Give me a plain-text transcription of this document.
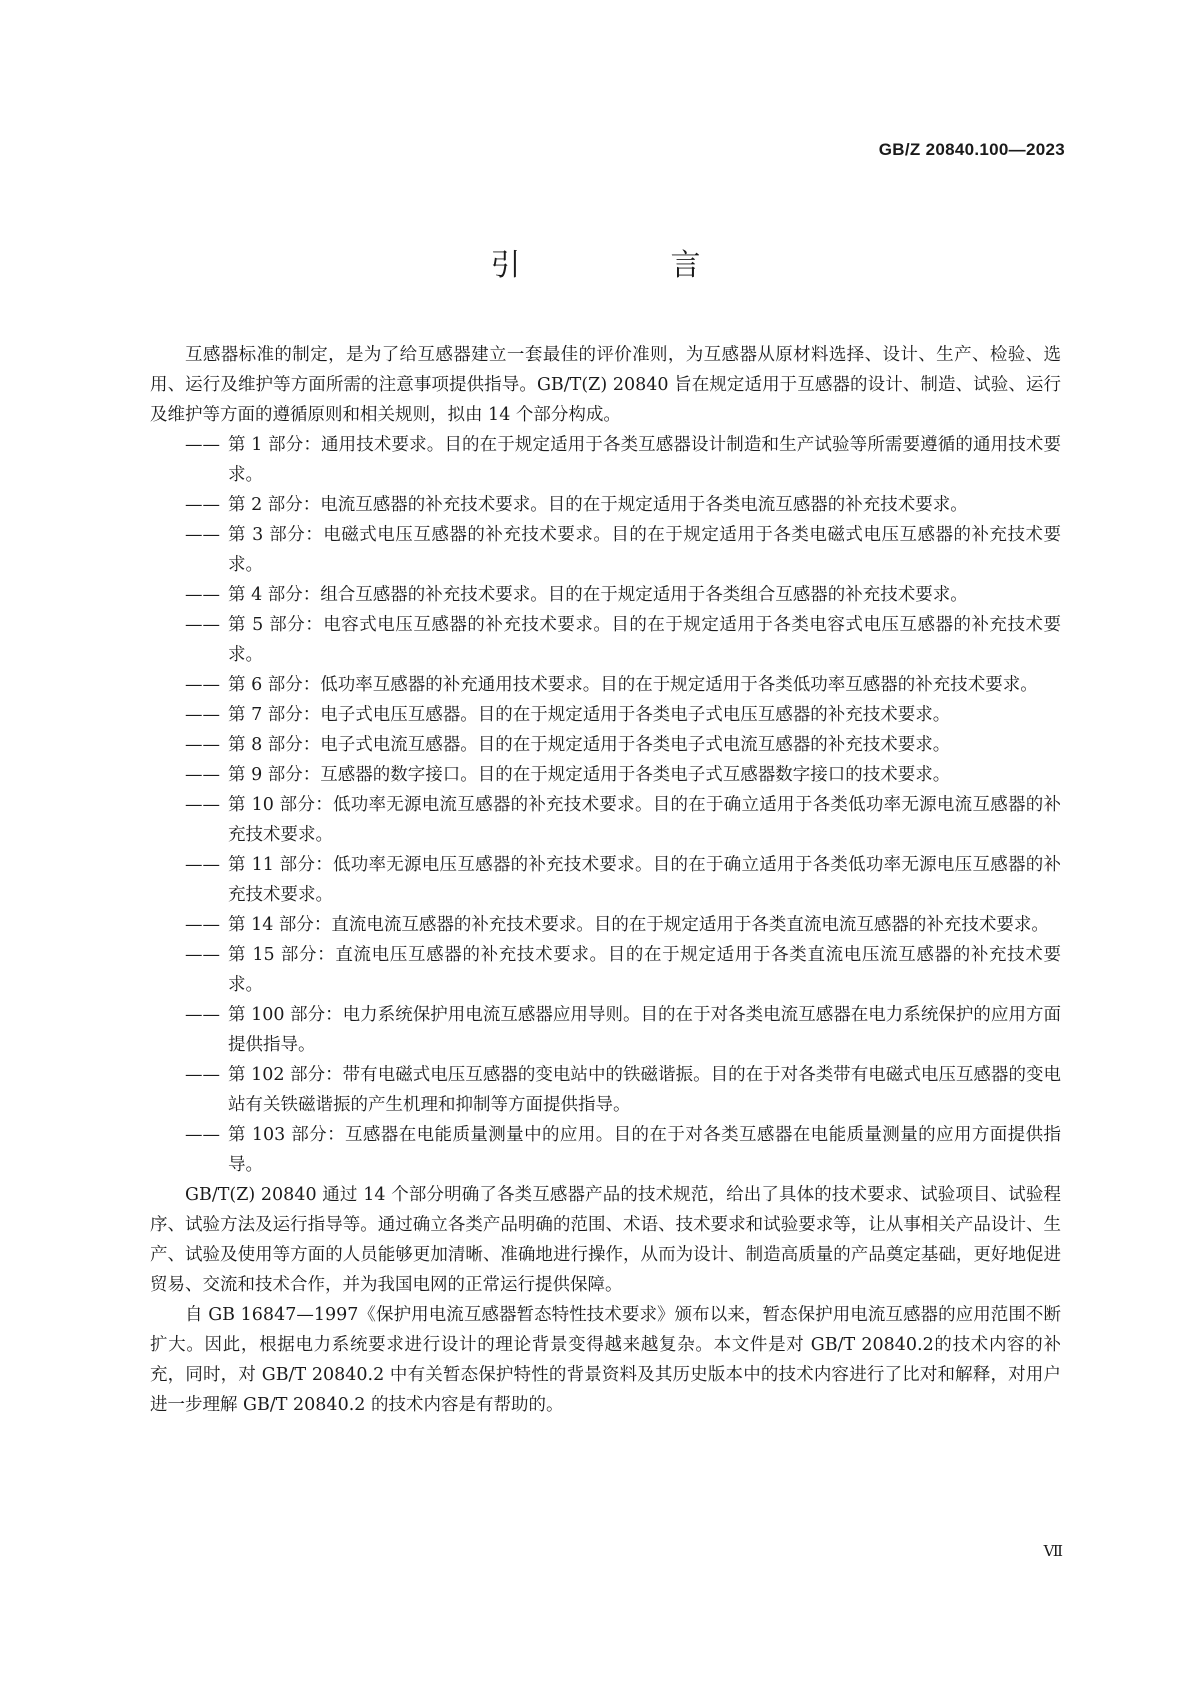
GB/Z 20840.100—2023
引　言

互感器标准的制定，是为了给互感器建立一套最佳的评价准则，为互感器从原材料选择、设计、生产、检验、选用、运行及维护等方面所需的注意事项提供指导。GB/T(Z) 20840 旨在规定适用于互感器的设计、制造、试验、运行及维护等方面的遵循原则和相关规则，拟由 14 个部分构成。

—— 第 1 部分：通用技术要求。目的在于规定适用于各类互感器设计制造和生产试验等所需要遵循的通用技术要求。
—— 第 2 部分：电流互感器的补充技术要求。目的在于规定适用于各类电流互感器的补充技术要求。
—— 第 3 部分：电磁式电压互感器的补充技术要求。目的在于规定适用于各类电磁式电压互感器的补充技术要求。
—— 第 4 部分：组合互感器的补充技术要求。目的在于规定适用于各类组合互感器的补充技术要求。
—— 第 5 部分：电容式电压互感器的补充技术要求。目的在于规定适用于各类电容式电压互感器的补充技术要求。
—— 第 6 部分：低功率互感器的补充通用技术要求。目的在于规定适用于各类低功率互感器的补充技术要求。
—— 第 7 部分：电子式电压互感器。目的在于规定适用于各类电子式电压互感器的补充技术要求。
—— 第 8 部分：电子式电流互感器。目的在于规定适用于各类电子式电流互感器的补充技术要求。
—— 第 9 部分：互感器的数字接口。目的在于规定适用于各类电子式互感器数字接口的技术要求。
—— 第 10 部分：低功率无源电流互感器的补充技术要求。目的在于确立适用于各类低功率无源电流互感器的补充技术要求。
—— 第 11 部分：低功率无源电压互感器的补充技术要求。目的在于确立适用于各类低功率无源电压互感器的补充技术要求。
—— 第 14 部分：直流电流互感器的补充技术要求。目的在于规定适用于各类直流电流互感器的补充技术要求。
—— 第 15 部分：直流电压互感器的补充技术要求。目的在于规定适用于各类直流电压流互感器的补充技术要求。
—— 第 100 部分：电力系统保护用电流互感器应用导则。目的在于对各类电流互感器在电力系统保护的应用方面提供指导。
—— 第 102 部分：带有电磁式电压互感器的变电站中的铁磁谐振。目的在于对各类带有电磁式电压互感器的变电站有关铁磁谐振的产生机理和抑制等方面提供指导。
—— 第 103 部分：互感器在电能质量测量中的应用。目的在于对各类互感器在电能质量测量的应用方面提供指导。

GB/T(Z) 20840 通过 14 个部分明确了各类互感器产品的技术规范，给出了具体的技术要求、试验项目、试验程序、试验方法及运行指导等。通过确立各类产品明确的范围、术语、技术要求和试验要求等，让从事相关产品设计、生产、试验及使用等方面的人员能够更加清晰、准确地进行操作，从而为设计、制造高质量的产品奠定基础，更好地促进贸易、交流和技术合作，并为我国电网的正常运行提供保障。

自 GB 16847—1997《保护用电流互感器暂态特性技术要求》颁布以来，暂态保护用电流互感器的应用范围不断扩大。因此，根据电力系统要求进行设计的理论背景变得越来越复杂。本文件是对 GB/T 20840.2的技术内容的补充，同时，对 GB/T 20840.2 中有关暂态保护特性的背景资料及其历史版本中的技术内容进行了比对和解释，对用户进一步理解 GB/T 20840.2 的技术内容是有帮助的。

Ⅶ
